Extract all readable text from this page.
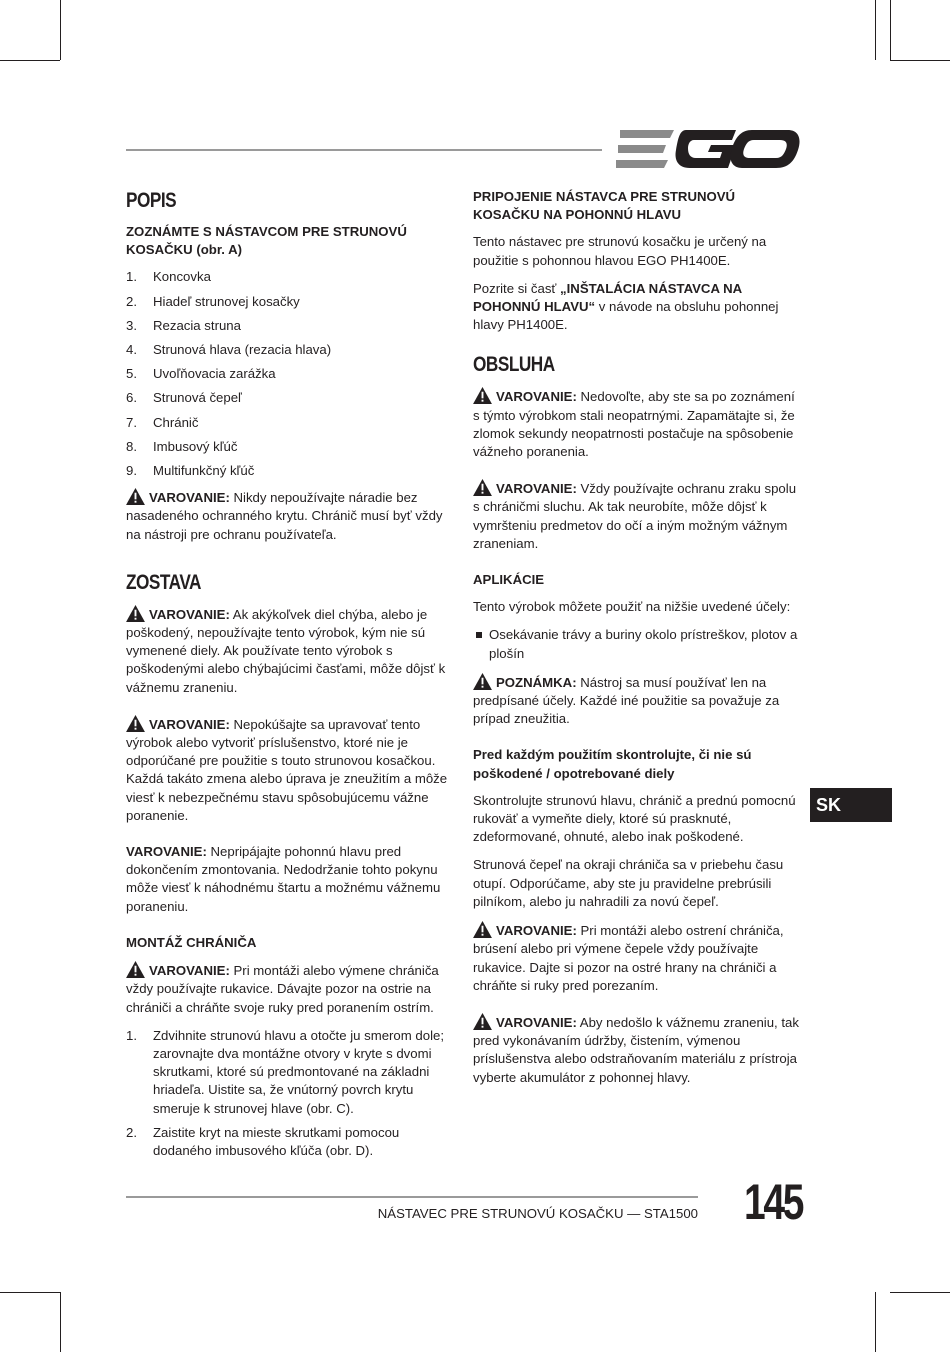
POPIS
ZOZNÁMTE S NÁSTAVCOM PRE STRUNOVÚ KOSAČKU (obr. A)
1.	Koncovka
2.	Hiadeľ strunovej kosačky
3.	Rezacia struna
4.	Strunová hlava (rezacia hlava)
5.	Uvoľňovacia zarážka
6.	Strunová čepeľ
7.	Chránič
8.	Imbusový kľúč
9.	Multifunkčný kľúč

VAROVANIE: Nikdy nepoužívajte náradie bez nasadeného ochranného krytu. Chránič musí byť vždy na nástroji pre ochranu používateľa.

ZOSTAVA

VAROVANIE: Ak akýkoľvek diel chýba, alebo je poškodený, nepoužívajte tento výrobok, kým nie sú vymenené diely. Ak používate tento výrobok s poškodenými alebo chýbajúcimi časťami, môže dôjsť k vážnemu zraneniu.

VAROVANIE: Nepokúšajte sa upravovať tento výrobok alebo vytvoriť príslušenstvo, ktoré nie je odporúčané pre použitie s touto strunovou kosačkou. Každá takáto zmena alebo úprava je zneužitím a môže viesť k nebezpečnému stavu spôsobujúcemu vážne poranenie.

VAROVANIE: Nepripájajte pohonnú hlavu pred dokončením zmontovania. Nedodržanie tohto pokynu môže viesť k náhodnému štartu a možnému vážnemu poraneniu.

MONTÁŽ CHRÁNIČA

VAROVANIE: Pri montáži alebo výmene chrániča vždy používajte rukavice. Dávajte pozor na ostrie na chrániči a chráňte svoje ruky pred poranením ostrím.

1.	Zdvihnite strunovú hlavu a otočte ju smerom dole; zarovnajte dva montážne otvory v kryte s dvomi skrutkami, ktoré sú predmontované na základni hriadeľa. Uistite sa, že vnútorný povrch krytu smeruje k strunovej hlave (obr. C).
2.	Zaistite kryt na mieste skrutkami pomocou dodaného imbusového kľúča (obr. D).
PRIPOJENIE NÁSTAVCA PRE STRUNOVÚ KOSAČKU NA POHONNÚ HLAVU

Tento nástavec pre strunovú kosačku je určený na použitie s pohonnou hlavou EGO PH1400E.

Pozrite si časť „INŠTALÁCIA NÁSTAVCA NA POHONNÚ HLAVU“ v návode na obsluhu pohonnej hlavy PH1400E.

OBSLUHA

VAROVANIE: Nedovoľte, aby ste sa po zoznámení s týmto výrobkom stali neopatrnými. Zapamätajte si, že zlomok sekundy neopatrnosti postačuje na spôsobenie vážneho poranenia.

VAROVANIE: Vždy používajte ochranu zraku spolu s chráničmi sluchu. Ak tak neurobíte, môže dôjsť k vymršteniu predmetov do očí a iným možným vážnym zraneniam.

APLIKÁCIE

Tento výrobok môžete použiť na nižšie uvedené účely:

Osekávanie trávy a buriny okolo prístreškov, plotov a plošín

POZNÁMKA: Nástroj sa musí používať len na predpísané účely. Každé iné použitie sa považuje za prípad zneužitia.

Pred každým použitím skontrolujte, či nie sú poškodené / opotrebované diely

Skontrolujte strunovú hlavu, chránič a prednú pomocnú rukoväť a vymeňte diely, ktoré sú prasknuté, zdeformované, ohnuté, alebo inak poškodené.

Strunová čepeľ na okraji chrániča sa v priebehu času otupí. Odporúčame, aby ste ju pravidelne prebrúsili pilníkom, alebo ju nahradili za novú čepeľ.

VAROVANIE: Pri montáži alebo ostrení chrániča, brúsení alebo pri výmene čepele vždy používajte rukavice. Dajte si pozor na ostré hrany na chrániči a chráňte si ruky pred porezaním.

VAROVANIE: Aby nedošlo k vážnemu zraneniu, tak pred vykonávaním údržby, čistením, výmenou príslušenstva alebo odstraňovaním materiálu z prístroja vyberte akumulátor z pohonnej hlavy.

SK
NÁSTAVEC PRE STRUNOVÚ KOSAČKU — STA1500 145
